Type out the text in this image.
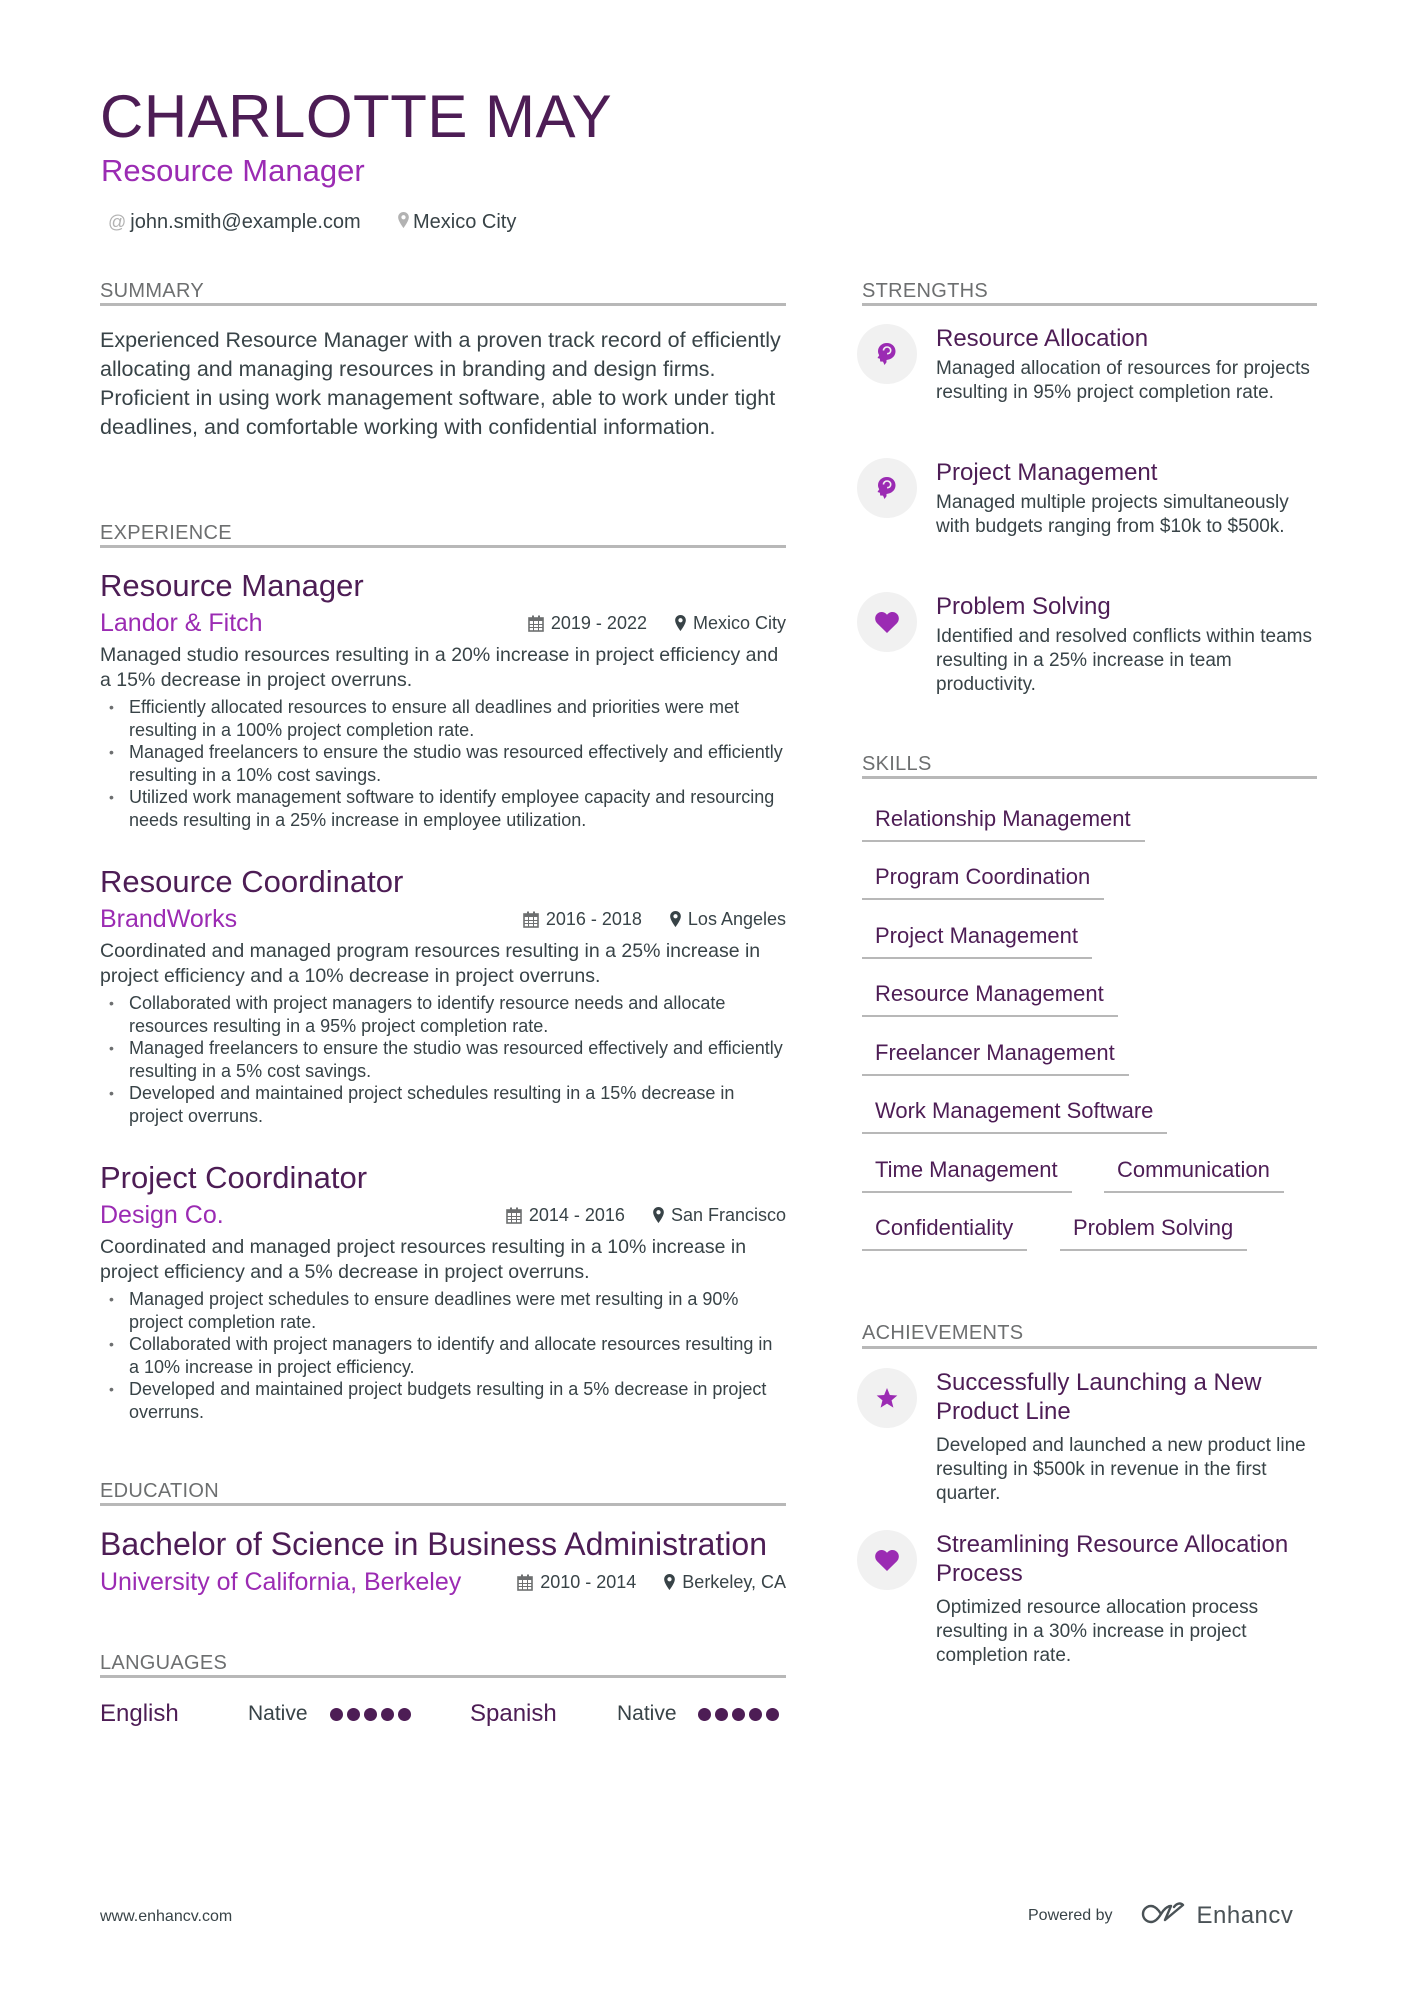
CHARLOTTE MAY
Resource Manager
@ john.smith@example.com	Mexico City
SUMMARY
Experienced Resource Manager with a proven track record of efficiently allocating and managing resources in branding and design firms. Proficient in using work management software, able to work under tight deadlines, and comfortable working with confidential information.
EXPERIENCE
Resource Manager
Landor & Fitch	2019 - 2022	Mexico City
Managed studio resources resulting in a 20% increase in project efficiency and a 15% decrease in project overruns.
• Efficiently allocated resources to ensure all deadlines and priorities were met resulting in a 100% project completion rate.
• Managed freelancers to ensure the studio was resourced effectively and efficiently resulting in a 10% cost savings.
• Utilized work management software to identify employee capacity and resourcing needs resulting in a 25% increase in employee utilization.
Resource Coordinator
BrandWorks	2016 - 2018	Los Angeles
Coordinated and managed program resources resulting in a 25% increase in project efficiency and a 10% decrease in project overruns.
• Collaborated with project managers to identify resource needs and allocate resources resulting in a 95% project completion rate.
• Managed freelancers to ensure the studio was resourced effectively and efficiently resulting in a 5% cost savings.
• Developed and maintained project schedules resulting in a 15% decrease in project overruns.
Project Coordinator
Design Co.	2014 - 2016	San Francisco
Coordinated and managed project resources resulting in a 10% increase in project efficiency and a 5% decrease in project overruns.
• Managed project schedules to ensure deadlines were met resulting in a 90% project completion rate.
• Collaborated with project managers to identify and allocate resources resulting in a 10% increase in project efficiency.
• Developed and maintained project budgets resulting in a 5% decrease in project overruns.
EDUCATION
Bachelor of Science in Business Administration
University of California, Berkeley	2010 - 2014	Berkeley, CA
LANGUAGES
English	Native	Spanish	Native
STRENGTHS
Resource Allocation
Managed allocation of resources for projects resulting in 95% project completion rate.
Project Management
Managed multiple projects simultaneously with budgets ranging from $10k to $500k.
Problem Solving
Identified and resolved conflicts within teams resulting in a 25% increase in team productivity.
SKILLS
Relationship Management
Program Coordination
Project Management
Resource Management
Freelancer Management
Work Management Software
Time Management	Communication
Confidentiality	Problem Solving
ACHIEVEMENTS
Successfully Launching a New Product Line
Developed and launched a new product line resulting in $500k in revenue in the first quarter.
Streamlining Resource Allocation Process
Optimized resource allocation process resulting in a 30% increase in project completion rate.
www.enhancv.com	Powered by	Enhancv
